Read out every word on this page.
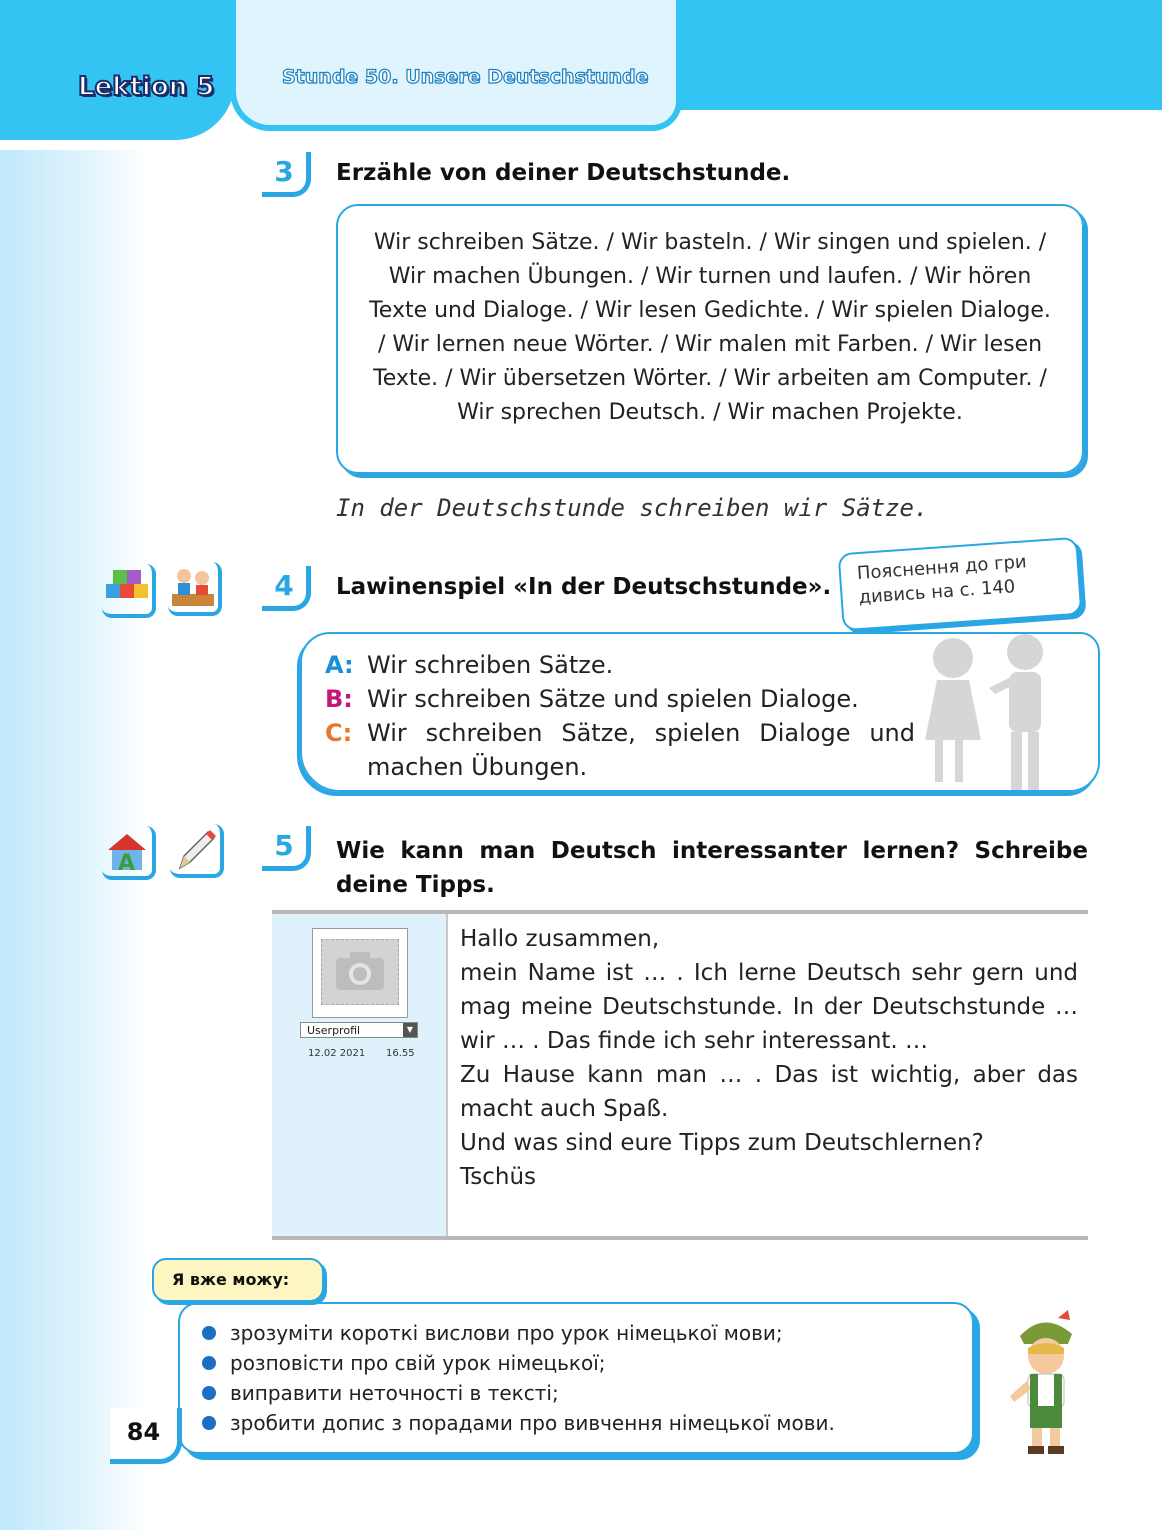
Lektion 5	Stunde 50. Unsere Deutschstunde
3	Erzähle von deiner Deutschstunde.
Wir schreiben Sätze. / Wir basteln. / Wir singen und spielen. / Wir machen Übungen. / Wir turnen und laufen. / Wir hören Texte und Dialoge. / Wir lesen Gedichte. / Wir spielen Dialoge. / Wir lernen neue Wörter. / Wir malen mit Farben. / Wir lesen Texte. / Wir übersetzen Wörter. / Wir arbeiten am Computer. / Wir sprechen Deutsch. / Wir machen Projekte.
In der Deutschstunde schreiben wir Sätze.
4	Lawinenspiel «In der Deutschstunde».
Пояснення до гри дивись на с. 140
A: Wir schreiben Sätze.
B: Wir schreiben Sätze und spielen Dialoge.
C: Wir schreiben Sätze, spielen Dialoge und machen Übungen.
A
5	Wie kann man Deutsch interessanter lernen? Schreibe deine Tipps.
Userprofil	▼
12.02 2021 16.55
Hallo zusammen,
mein Name ist … . Ich lerne Deutsch sehr gern und mag meine Deutschstunde. In der Deutschstunde … wir … . Das finde ich sehr interessant. …
Zu Hause kann man … . Das ist wichtig, aber das macht auch Spaß.
Und was sind eure Tipps zum Deutschlernen?
Tschüs
зрозуміти короткі вислови про урок німецької мови;
розповісти про свій урок німецької;
виправити неточності в тексті;
зробити допис з порадами про вивчення німецької мови.
Я вже можу:
84
